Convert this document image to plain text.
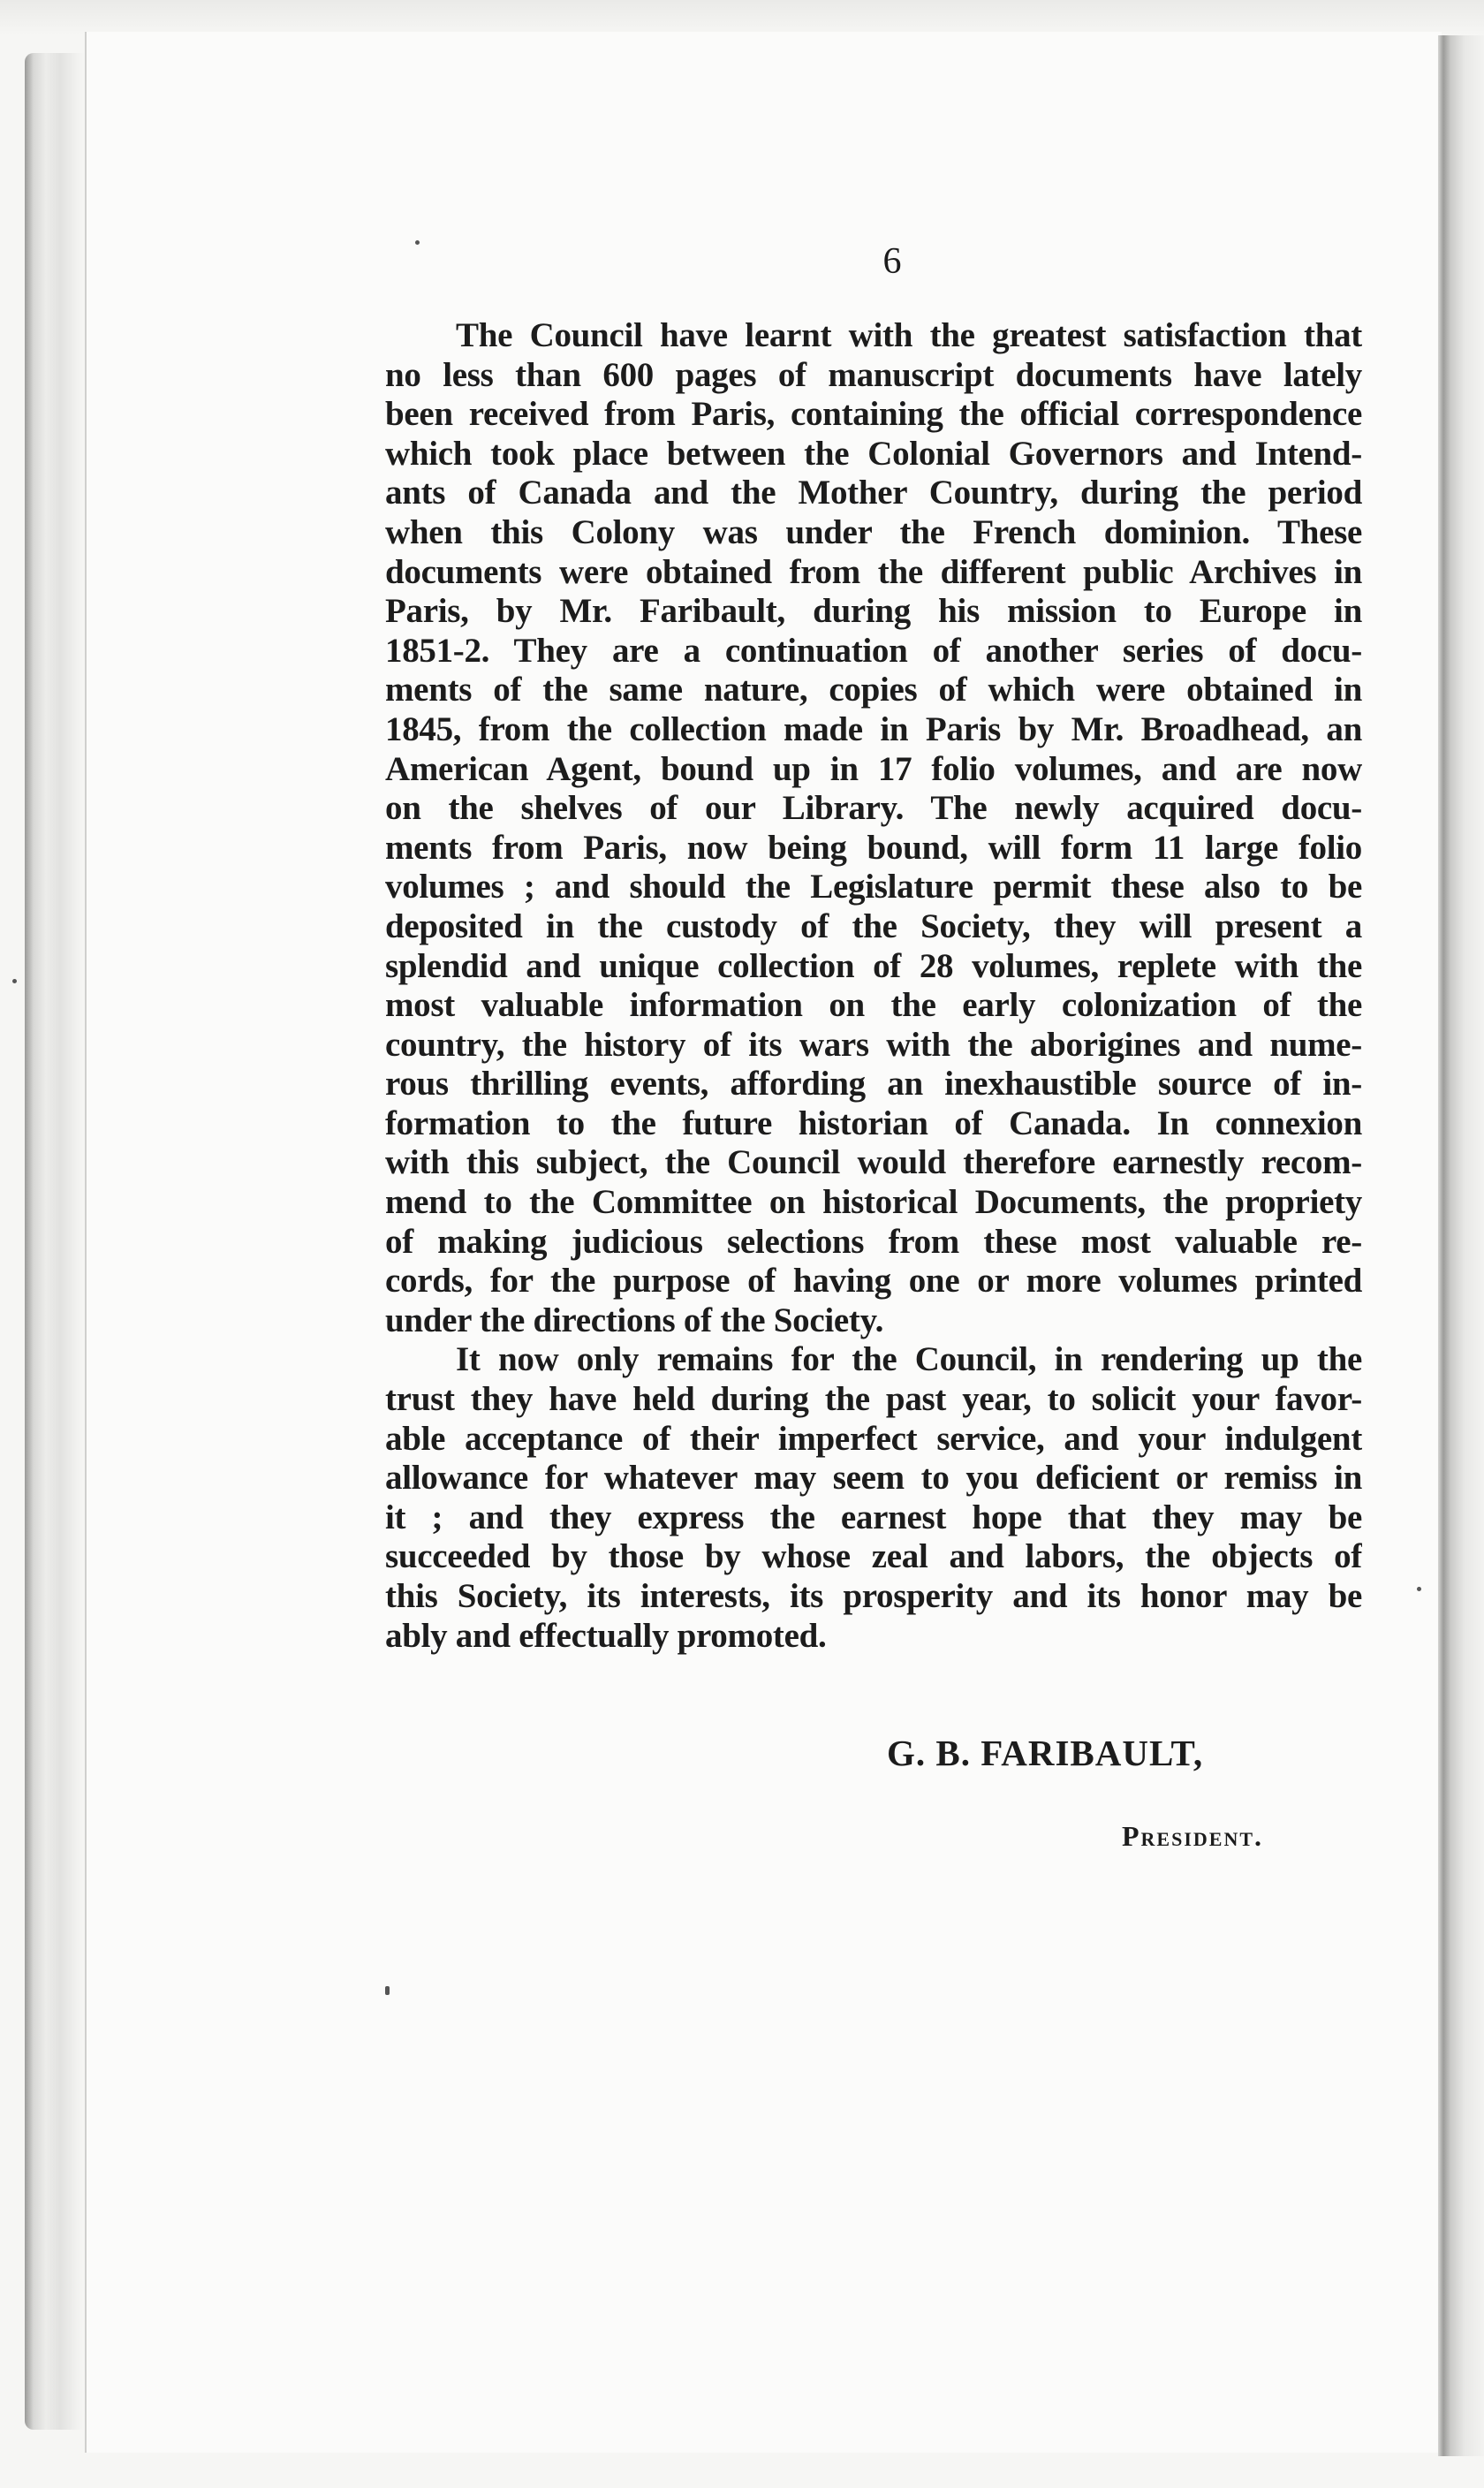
6
The Council have learnt with the greatest satisfaction that
no less than 600 pages of manuscript documents have lately
been received from Paris, containing the official correspondence
which took place between the Colonial Governors and Intend-
ants of Canada and the Mother Country, during the period
when this Colony was under the French dominion. These
documents were obtained from the different public Archives in
Paris, by Mr. Faribault, during his mission to Europe in
1851-2. They are a continuation of another series of docu-
ments of the same nature, copies of which were obtained in
1845, from the collection made in Paris by Mr. Broadhead, an
American Agent, bound up in 17 folio volumes, and are now
on the shelves of our Library. The newly acquired docu-
ments from Paris, now being bound, will form 11 large folio
volumes ; and should the Legislature permit these also to be
deposited in the custody of the Society, they will present a
splendid and unique collection of 28 volumes, replete with the
most valuable information on the early colonization of the
country, the history of its wars with the aborigines and nume-
rous thrilling events, affording an inexhaustible source of in-
formation to the future historian of Canada. In connexion
with this subject, the Council would therefore earnestly recom-
mend to the Committee on historical Documents, the propriety
of making judicious selections from these most valuable re-
cords, for the purpose of having one or more volumes printed
under the directions of the Society.
It now only remains for the Council, in rendering up the
trust they have held during the past year, to solicit your favor-
able acceptance of their imperfect service, and your indulgent
allowance for whatever may seem to you deficient or remiss in
it ; and they express the earnest hope that they may be
succeeded by those by whose zeal and labors, the objects of
this Society, its interests, its prosperity and its honor may be
ably and effectually promoted.
G. B. FARIBAULT,
President.
